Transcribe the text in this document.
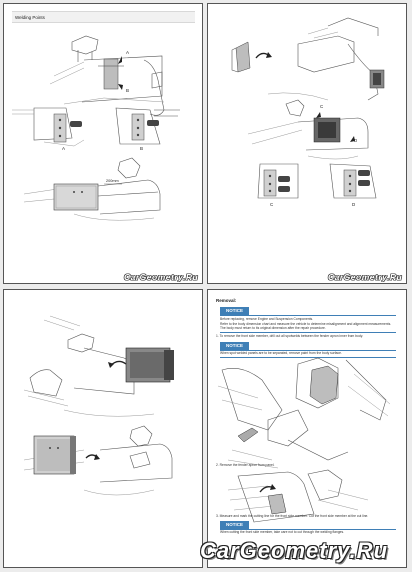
Welding Points
A
B
A	B
200mm
CarGeometry.Ru
C
D
C	D
CarGeometry.Ru
Removal:
NOTICE
Before replacing, remove Engine and Suspension Components.
Refer to the body dimension chart and measure the vehicle to determine misalignment and alignment measurements.
The body must return to its original dimension after the repair procedure.
1. To remove the front side member, drill out all spotwelds between the fender apron inner from body.
NOTICE
When spot welded panels are to be separated, remove paint from the body surface.
2. Remove the fender apron from panel.
3. Measure and mark the cutting line for the front side member. Cut the front side member at the cut line.
NOTICE
When cutting the front side member, take care not to cut through the welding flanges.
CarGeometry.Ru
